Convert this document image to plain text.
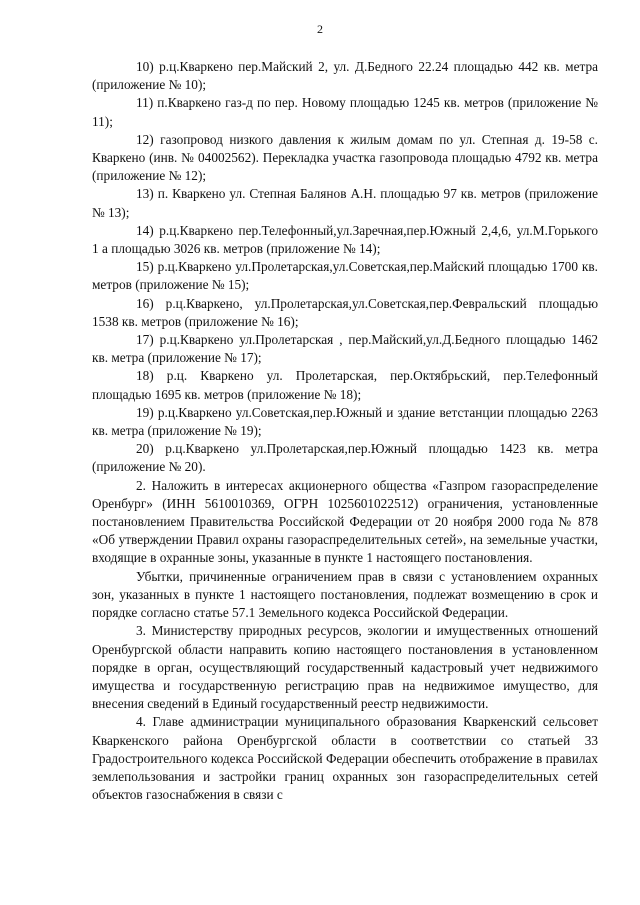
2

10) р.ц.Кваркено пер.Майский 2, ул. Д.Бедного 22.24 площадью 442 кв. метра (приложение № 10);

11) п.Кваркено газ-д по пер. Новому площадью 1245 кв. метров (приложение № 11);

12) газопровод низкого давления к жилым домам по ул. Степная д. 19-58 с. Кваркено (инв. № 04002562). Перекладка участка газопровода площадью 4792 кв. метра (приложение № 12);

13) п. Кваркено ул. Степная Балянов А.Н. площадью 97 кв. метров (приложение № 13);

14) р.ц.Кваркено пер.Телефонный,ул.Заречная,пер.Южный 2,4,6, ул.М.Горького 1 а площадью 3026 кв. метров (приложение № 14);

15) р.ц.Кваркено ул.Пролетарская,ул.Советская,пер.Майский площадью 1700 кв. метров (приложение № 15);

16) р.ц.Кваркено, ул.Пролетарская,ул.Советская,пер.Февральский площадью 1538 кв. метров (приложение № 16);

17) р.ц.Кваркено ул.Пролетарская , пер.Майский,ул.Д.Бедного площадью 1462 кв. метра (приложение № 17);

18) р.ц. Кваркено ул. Пролетарская, пер.Октябрьский, пер.Телефонный площадью 1695 кв. метров (приложение № 18);

19) р.ц.Кваркено ул.Советская,пер.Южный и здание ветстанции площадью 2263 кв. метра (приложение № 19);

20) р.ц.Кваркено ул.Пролетарская,пер.Южный площадью 1423 кв. метра (приложение № 20).

2. Наложить в интересах акционерного общества «Газпром газораспределение Оренбург» (ИНН 5610010369, ОГРН 1025601022512) ограничения, установленные постановлением Правительства Российской Федерации от 20 ноября 2000 года № 878 «Об утверждении Правил охраны газораспределительных сетей», на земельные участки, входящие в охранные зоны, указанные в пункте 1 настоящего постановления.

Убытки, причиненные ограничением прав в связи с установлением охранных зон, указанных в пункте 1 настоящего постановления, подлежат возмещению в срок и порядке согласно статье 57.1 Земельного кодекса Российской Федерации.

3. Министерству природных ресурсов, экологии и имущественных отношений Оренбургской области направить копию настоящего постановления в установленном порядке в орган, осуществляющий государственный кадастровый учет недвижимого имущества и государственную регистрацию прав на недвижимое имущество, для внесения сведений в Единый государственный реестр недвижимости.

4. Главе администрации муниципального образования Кваркенский сельсовет Кваркенского района Оренбургской области в соответствии со статьей 33 Градостроительного кодекса Российской Федерации обеспечить отображение в правилах землепользования и застройки границ охранных зон газораспределительных сетей объектов газоснабжения в связи с
